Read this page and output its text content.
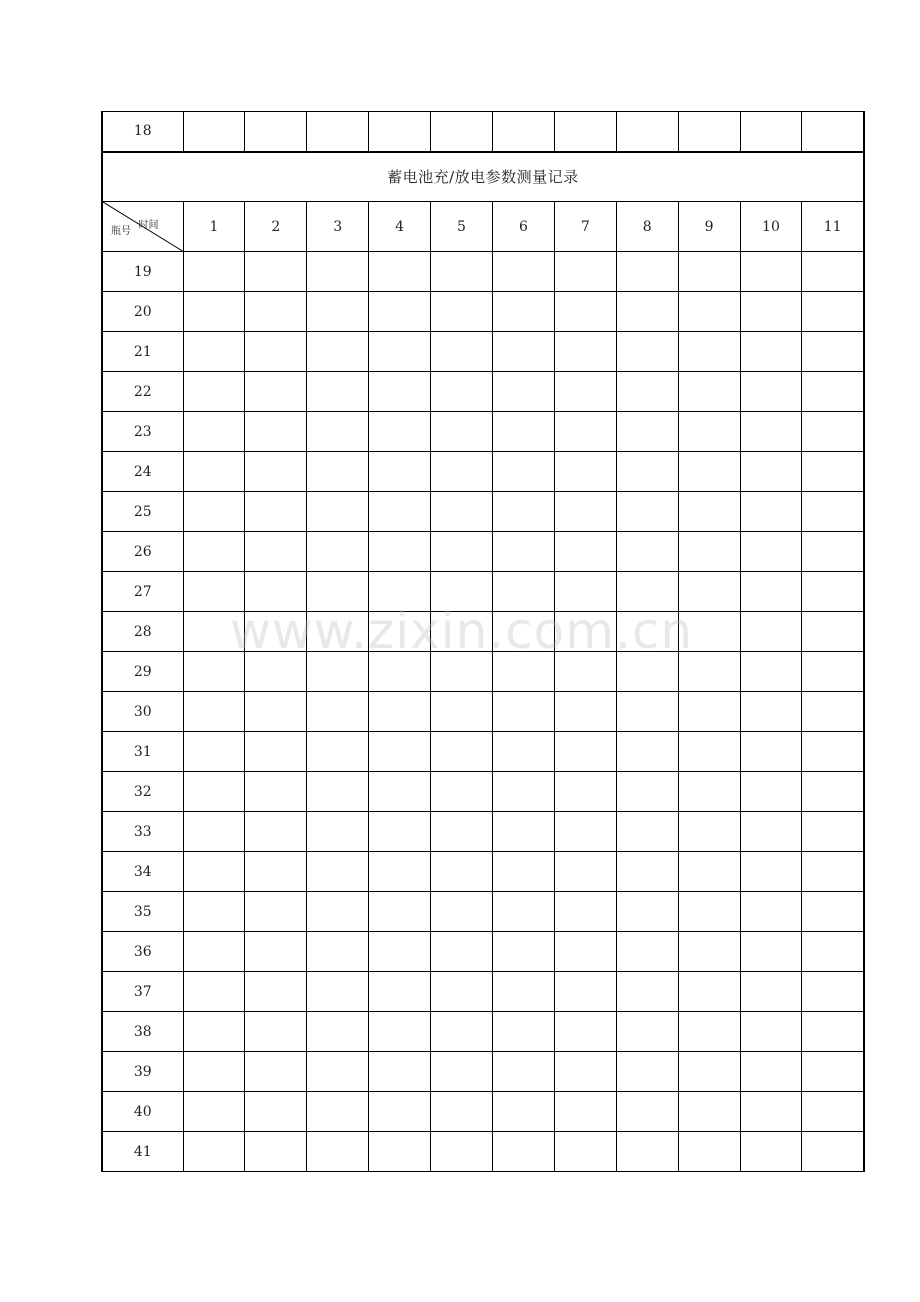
18											
蓄电池充/放电参数测量记录											

时间
瓶号	1	2	3	4	5	6	7	8	9	10	11
19											
20											
21											
22											
23											
24											
25											
26											
27											
28											
29											
30											
31											
32											
33											
34											
35											
36											
37											
38											
39											
40											
41											
www.zixin.com.cn
